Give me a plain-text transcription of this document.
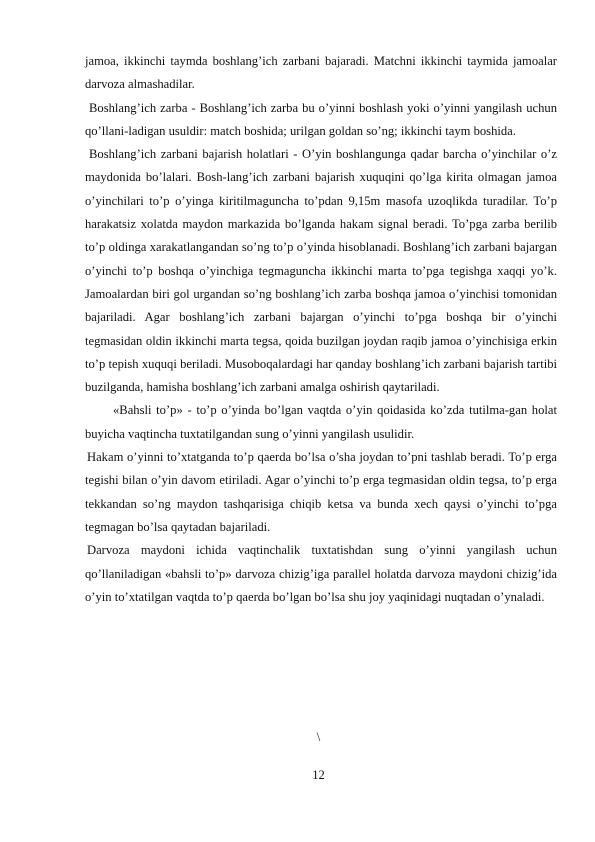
jamoa, ikkinchi taymda boshlang’ich zarbani bajaradi. Matchni ikkinchi taymida jamoalar darvoza almashadilar.

Boshlang’ich zarba - Boshlang’ich zarba bu o’yinni boshlash yoki o’yinni yangilash uchun qo’llani-ladigan usuldir: match boshida; urilgan goldan so’ng; ikkinchi taym boshida.

Boshlang’ich zarbani bajarish holatlari - O’yin boshlangunga qadar barcha o’yinchilar o’z maydonida bo’lalari. Bosh-lang’ich zarbani bajarish xuquqini qo’lga kirita olmagan jamoa o’yinchilari to’p o’yinga kiritilmaguncha to’pdan 9,15m masofa uzoqlikda turadilar. To’p harakatsiz xolatda maydon markazida bo’lganda hakam signal beradi. To’pga zarba berilib to’p oldinga xarakatlangandan so’ng to’p o’yinda hisoblanadi. Boshlang’ich zarbani bajargan o’yinchi to’p boshqa o’yinchiga tegmaguncha ikkinchi marta to’pga tegishga xaqqi yo’k. Jamoalardan biri gol urgandan so’ng boshlang’ich zarba boshqa jamoa o’yinchisi tomonidan bajariladi. Agar boshlang’ich zarbani bajargan o’yinchi to’pga boshqa bir o’yinchi tegmasidan oldin ikkinchi marta tegsa, qoida buzilgan joydan raqib jamoa o’yinchisiga erkin to’p tepish xuquqi beriladi. Musoboqalardagi har qanday boshlang’ich zarbani bajarish tartibi buzilganda, hamisha boshlang’ich zarbani amalga oshirish qaytariladi.

«Bahsli to’p» - to’p o’yinda bo’lgan vaqtda o’yin qoidasida ko’zda tutilma-gan holat buyicha vaqtincha tuxtatilgandan sung o’yinni yangilash usulidir.

Hakam o’yinni to’xtatganda to’p qaerda bo’lsa o’sha joydan to’pni tashlab beradi. To’p erga tegishi bilan o’yin davom etiriladi. Agar o’yinchi to’p erga tegmasidan oldin tegsa, to’p erga tekkandan so’ng maydon tashqarisiga chiqib ketsa va bunda xech qaysi o’yinchi to’pga tegmagan bo’lsa qaytadan bajariladi.

Darvoza maydoni ichida vaqtinchalik tuxtatishdan sung o’yinni yangilash uchun qo’llaniladigan «bahsli to’p» darvoza chizig’iga parallel holatda darvoza maydoni chizig’ida o’yin to’xtatilgan vaqtda to’p qaerda bo’lgan bo’lsa shu joy yaqinidagi nuqtadan o’ynaladi.

\
12
